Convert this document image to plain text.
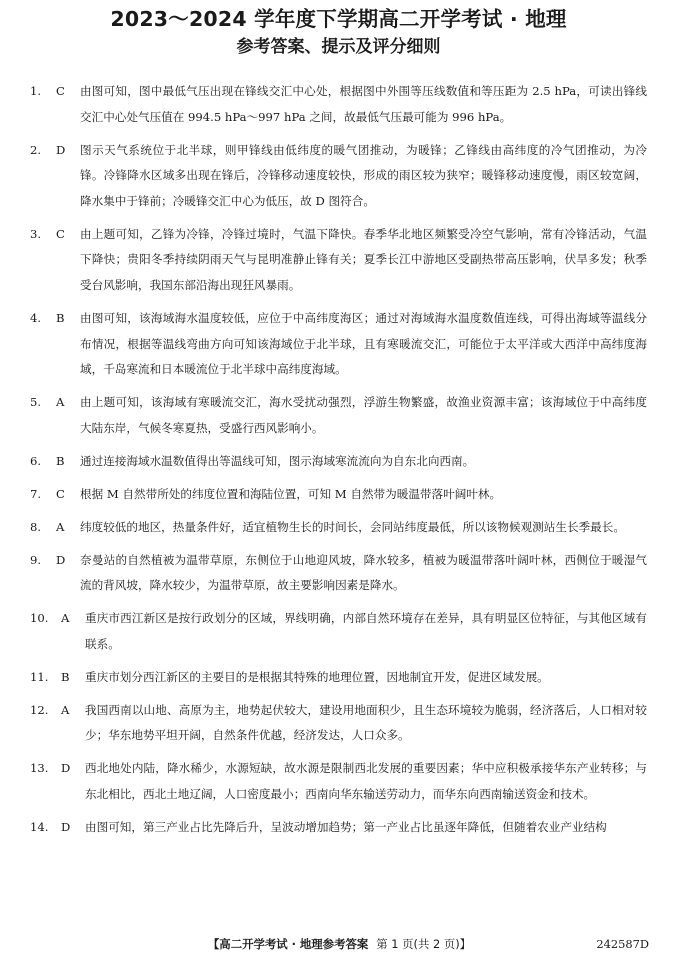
2023～2024 学年度下学期高二开学考试 · 地理
参考答案、提示及评分细则
1.	C	由图可知，图中最低气压出现在锋线交汇中心处，根据图中外围等压线数值和等压距为 2.5 hPa，可读出锋线交汇中心处气压值在 994.5 hPa～997 hPa 之间，故最低气压最可能为 996 hPa。
2.	D	图示天气系统位于北半球，则甲锋线由低纬度的暖气团推动，为暖锋；乙锋线由高纬度的冷气团推动，为冷锋。冷锋降水区域多出现在锋后，冷锋移动速度较快，形成的雨区较为狭窄；暖锋移动速度慢，雨区较宽阔，降水集中于锋前；冷暖锋交汇中心为低压，故 D 图符合。
3.	C	由上题可知，乙锋为冷锋，冷锋过境时，气温下降快。春季华北地区频繁受冷空气影响，常有冷锋活动，气温下降快；贵阳冬季持续阴雨天气与昆明准静止锋有关；夏季长江中游地区受副热带高压影响，伏旱多发；秋季受台风影响，我国东部沿海出现狂风暴雨。
4.	B	由图可知，该海域海水温度较低，应位于中高纬度海区；通过对海域海水温度数值连线，可得出海域等温线分布情况，根据等温线弯曲方向可知该海域位于北半球，且有寒暖流交汇，可能位于太平洋或大西洋中高纬度海域，千岛寒流和日本暖流位于北半球中高纬度海域。
5.	A	由上题可知，该海域有寒暖流交汇，海水受扰动强烈，浮游生物繁盛，故渔业资源丰富；该海域位于中高纬度大陆东岸，气候冬寒夏热，受盛行西风影响小。
6.	B	通过连接海域水温数值得出等温线可知，图示海域寒流流向为自东北向西南。
7.	C	根据 M 自然带所处的纬度位置和海陆位置，可知 M 自然带为暖温带落叶阔叶林。
8.	A	纬度较低的地区，热量条件好，适宜植物生长的时间长，会同站纬度最低，所以该物候观测站生长季最长。
9.	D	奈曼站的自然植被为温带草原，东侧位于山地迎风坡，降水较多，植被为暖温带落叶阔叶林，西侧位于暖湿气流的背风坡，降水较少，为温带草原，故主要影响因素是降水。
10.	A	重庆市西江新区是按行政划分的区域，界线明确，内部自然环境存在差异，具有明显区位特征，与其他区域有联系。
11.	B	重庆市划分西江新区的主要目的是根据其特殊的地理位置，因地制宜开发，促进区域发展。
12.	A	我国西南以山地、高原为主，地势起伏较大，建设用地面积少，且生态环境较为脆弱，经济落后，人口相对较少；华东地势平坦开阔，自然条件优越，经济发达，人口众多。
13.	D	西北地处内陆，降水稀少，水源短缺，故水源是限制西北发展的重要因素；华中应积极承接华东产业转移；与东北相比，西北土地辽阔，人口密度最小；西南向华东输送劳动力，而华东向西南输送资金和技术。
14.	D	由图可知，第三产业占比先降后升，呈波动增加趋势；第一产业占比虽逐年降低，但随着农业产业结构
【高二开学考试 · 地理参考答案 第 1 页(共 2 页)】	242587D
